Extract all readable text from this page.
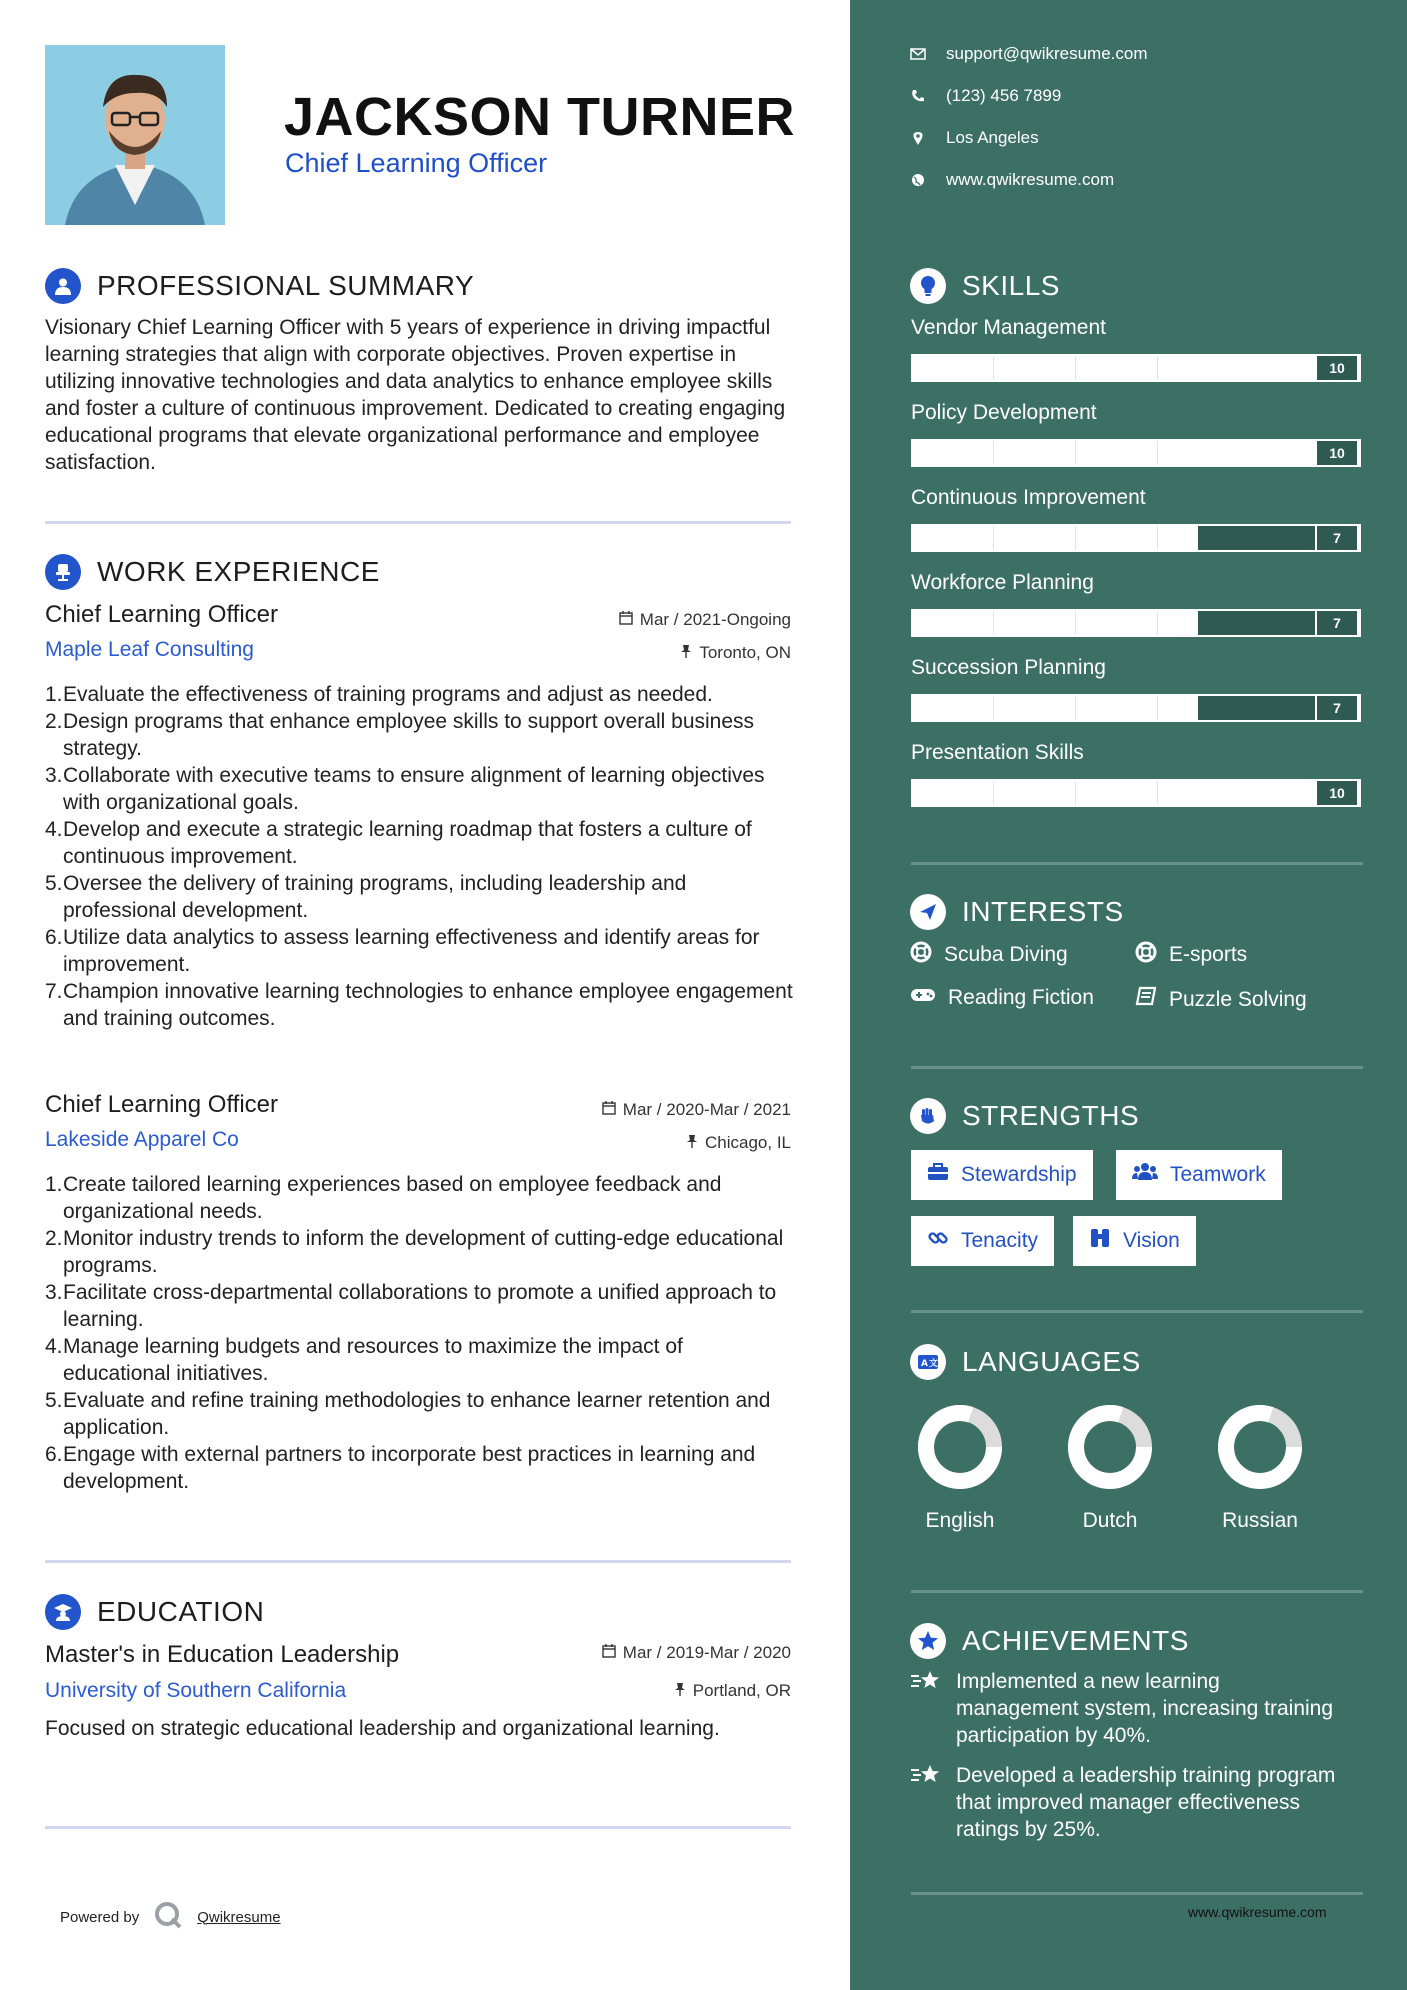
JACKSON TURNER
Chief Learning Officer
PROFESSIONAL SUMMARY
Visionary Chief Learning Officer with 5 years of experience in driving impactful learning strategies that align with corporate objectives. Proven expertise in utilizing innovative technologies and data analytics to enhance employee skills and foster a culture of continuous improvement. Dedicated to creating engaging educational programs that elevate organizational performance and employee satisfaction.
WORK EXPERIENCE
Chief Learning Officer	Mar / 2021-Ongoing
Maple Leaf Consulting	Toronto, ON
1. Evaluate the effectiveness of training programs and adjust as needed.
2. Design programs that enhance employee skills to support overall business strategy.
3. Collaborate with executive teams to ensure alignment of learning objectives with organizational goals.
4. Develop and execute a strategic learning roadmap that fosters a culture of continuous improvement.
5. Oversee the delivery of training programs, including leadership and professional development.
6. Utilize data analytics to assess learning effectiveness and identify areas for improvement.
7. Champion innovative learning technologies to enhance employee engagement and training outcomes.
Chief Learning Officer	Mar / 2020-Mar / 2021
Lakeside Apparel Co	Chicago, IL
1. Create tailored learning experiences based on employee feedback and organizational needs.
2. Monitor industry trends to inform the development of cutting-edge educational programs.
3. Facilitate cross-departmental collaborations to promote a unified approach to learning.
4. Manage learning budgets and resources to maximize the impact of educational initiatives.
5. Evaluate and refine training methodologies to enhance learner retention and application.
6. Engage with external partners to incorporate best practices in learning and development.
EDUCATION
Master's in Education Leadership	Mar / 2019-Mar / 2020
University of Southern California	Portland, OR
Focused on strategic educational leadership and organizational learning.
Powered by	Qwikresume
support@qwikresume.com
(123) 456 7899
Los Angeles
www.qwikresume.com
SKILLS
INTERESTS
Scuba Diving	E-sports
Reading Fiction	Puzzle Solving
STRENGTHS
Stewardship	Teamwork
Tenacity	Vision
A 文 LANGUAGES
English	Dutch	Russian
ACHIEVEMENTS
Implemented a new learning management system, increasing training participation by 40%.
Developed a leadership training program that improved manager effectiveness ratings by 25%.
www.qwikresume.com
Vendor Management
10
Policy Development
10
Continuous Improvement
7
Workforce Planning
7
Succession Planning
7
Presentation Skills
10
